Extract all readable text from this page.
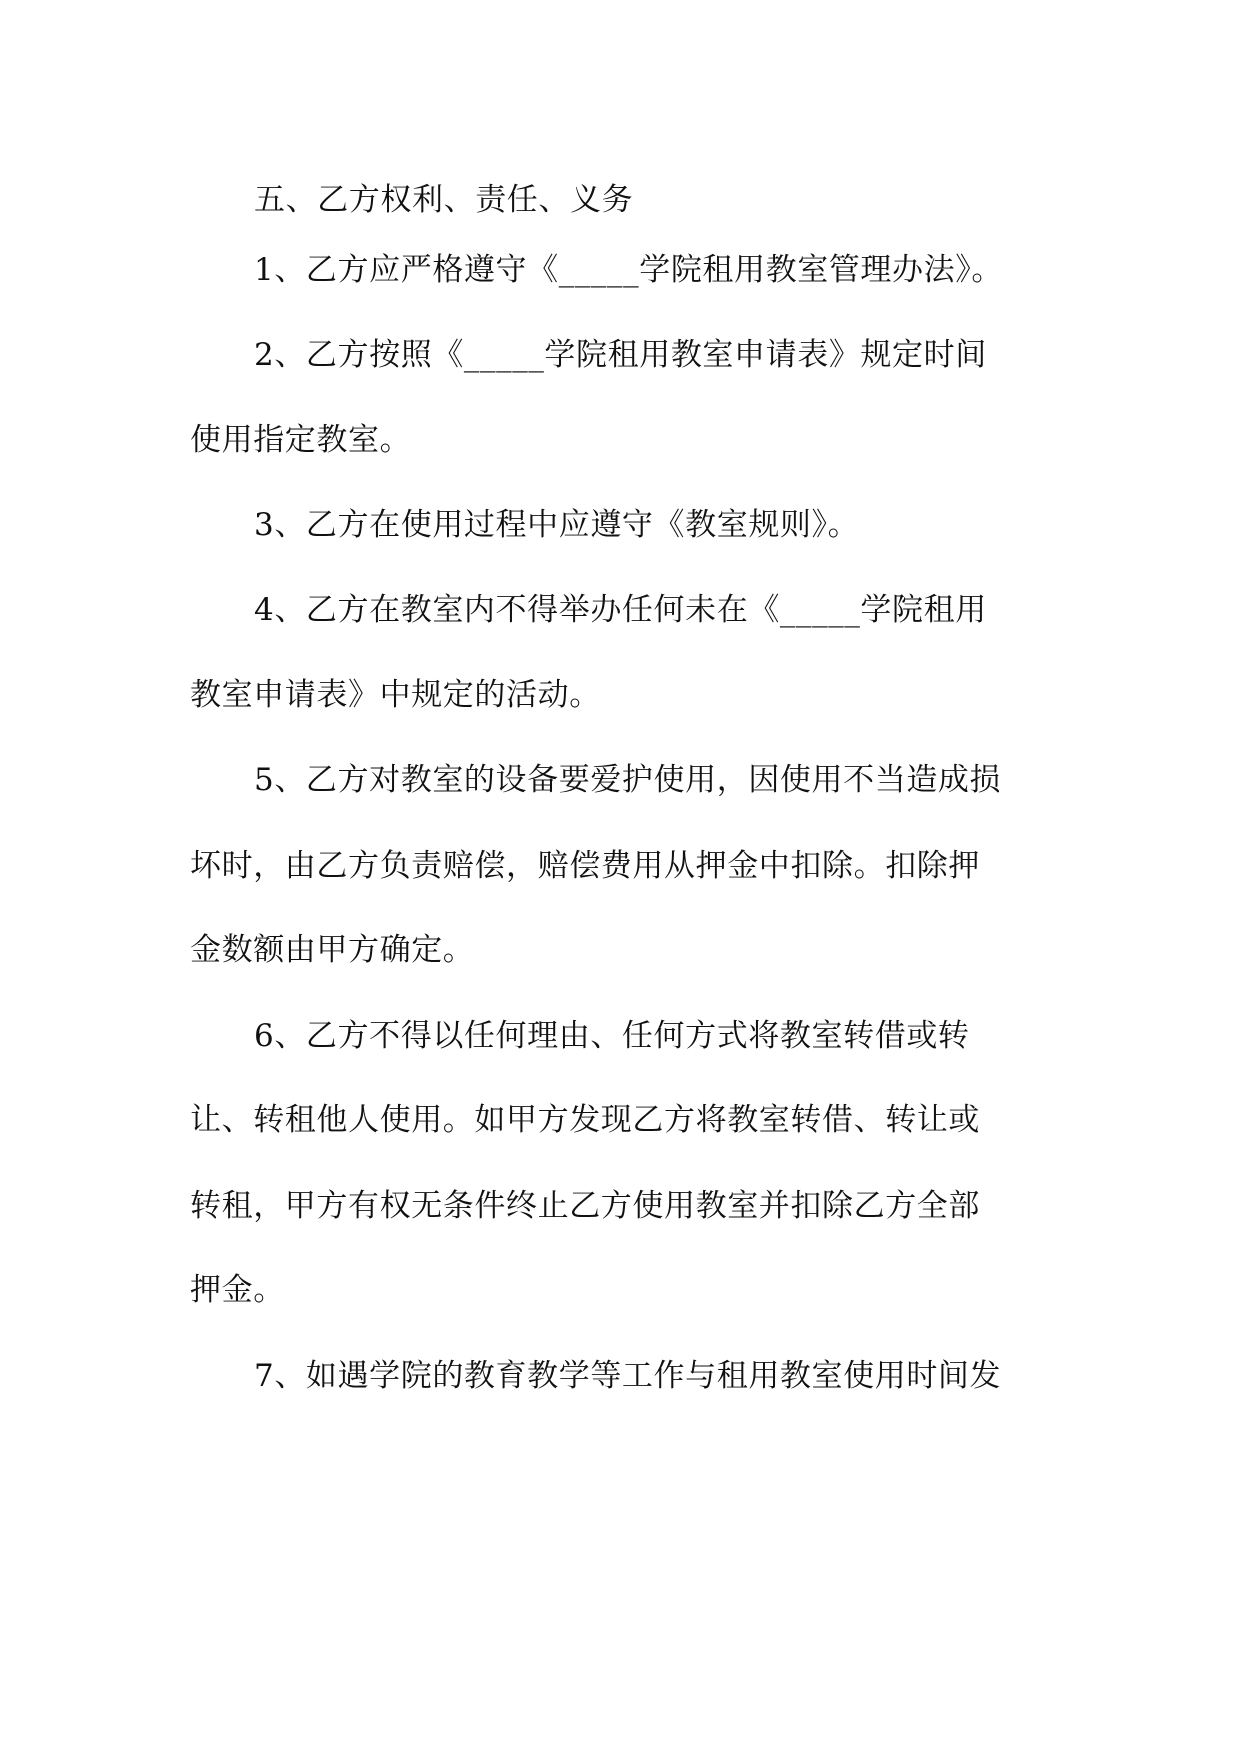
五、乙方权利、责任、义务

1、乙方应严格遵守《_____学院租用教室管理办法》。

2、乙方按照《_____学院租用教室申请表》规定时间

使用指定教室。

3、乙方在使用过程中应遵守《教室规则》。

4、乙方在教室内不得举办任何未在《_____学院租用

教室申请表》中规定的活动。

5、乙方对教室的设备要爱护使用，因使用不当造成损

坏时，由乙方负责赔偿，赔偿费用从押金中扣除。扣除押

金数额由甲方确定。

6、乙方不得以任何理由、任何方式将教室转借或转

让、转租他人使用。如甲方发现乙方将教室转借、转让或

转租，甲方有权无条件终止乙方使用教室并扣除乙方全部

押金。

7、如遇学院的教育教学等工作与租用教室使用时间发
